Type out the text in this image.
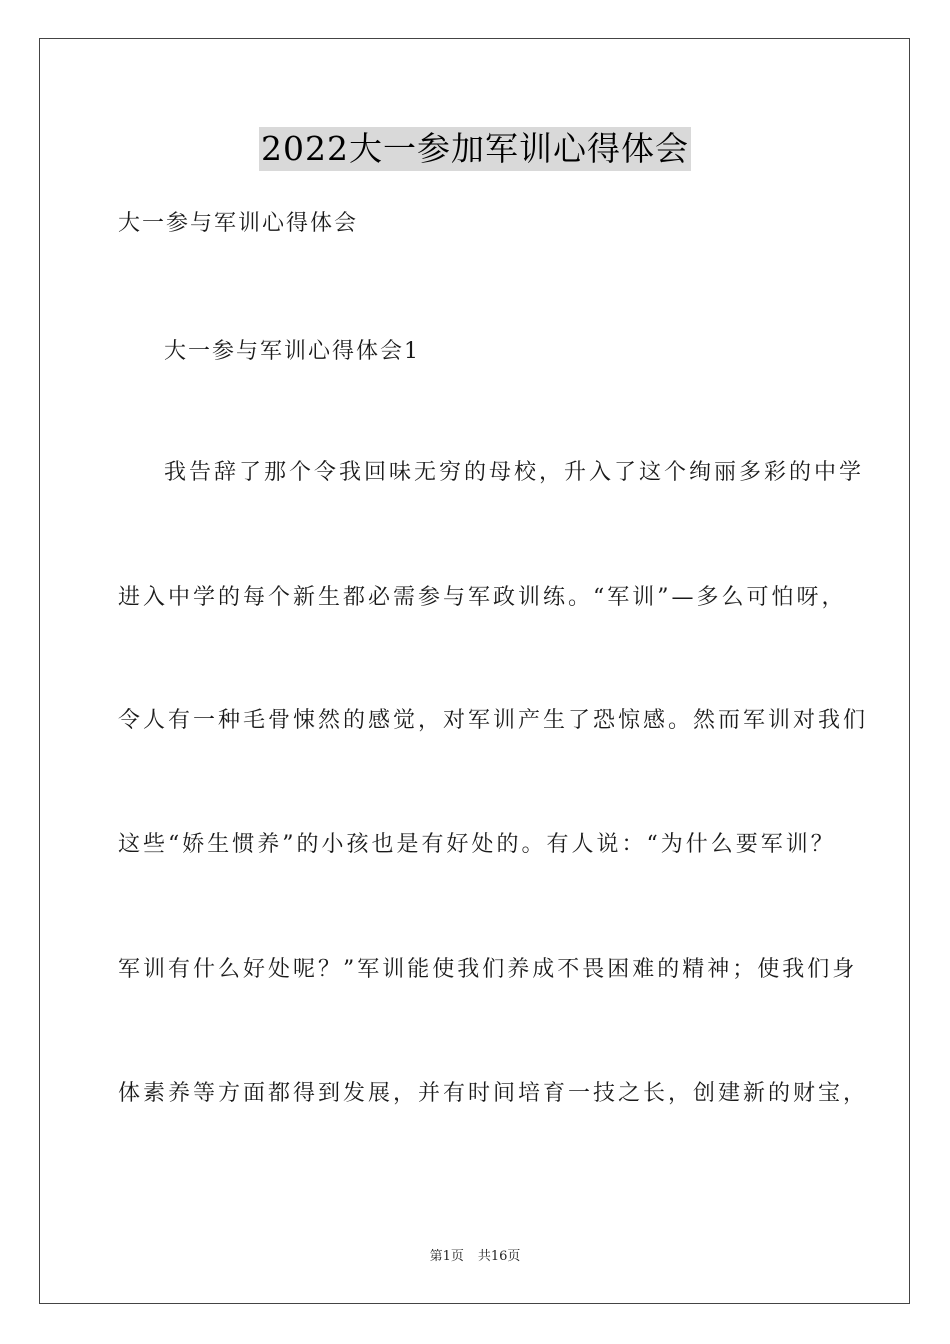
2022大一参加军训心得体会
大一参与军训心得体会
大一参与军训心得体会1
我告辞了那个令我回味无穷的母校，升入了这个绚丽多彩的中学
进入中学的每个新生都必需参与军政训练。“军训”—多么可怕呀，
令人有一种毛骨悚然的感觉，对军训产生了恐惊感。然而军训对我们
这些“娇生惯养”的小孩也是有好处的。有人说：“为什么要军训？
军训有什么好处呢？”军训能使我们养成不畏困难的精神；使我们身
体素养等方面都得到发展，并有时间培育一技之长，创建新的财宝，
第1页 共16页
